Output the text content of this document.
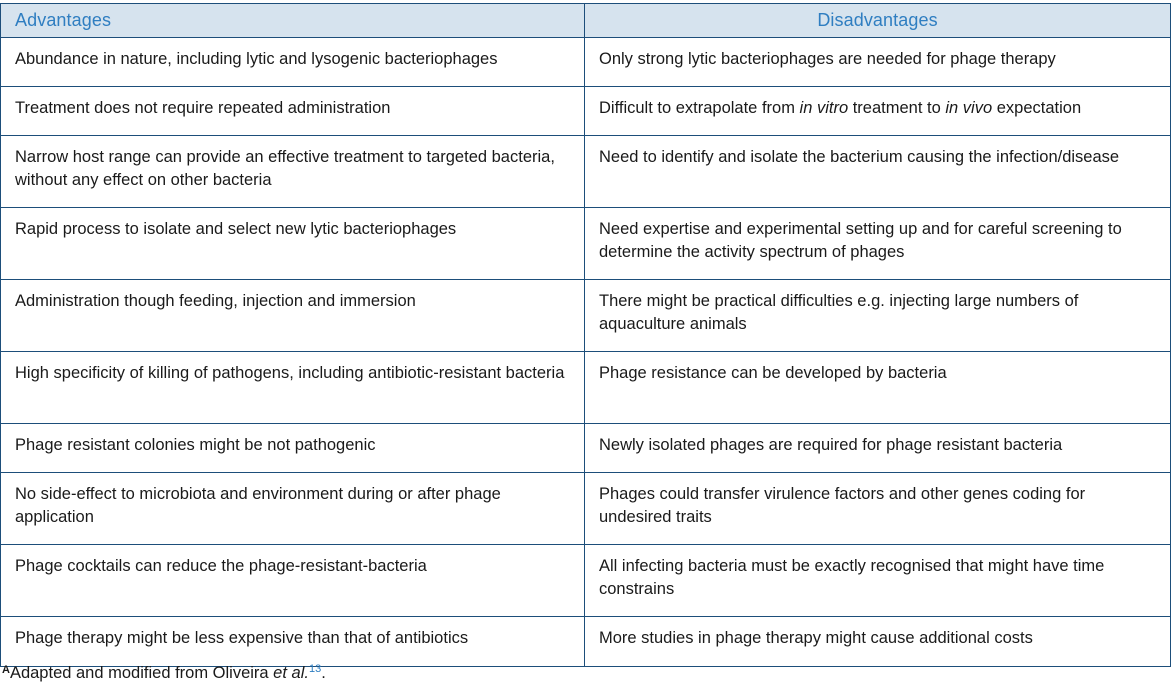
Advantages	Disadvantages
Abundance in nature, including lytic and lysogenic bacteriophages	Only strong lytic bacteriophages are needed for phage therapy
Treatment does not require repeated administration	Difficult to extrapolate from in vitro treatment to in vivo expectation
Narrow host range can provide an effective treatment to targeted bacteria, without any effect on other bacteria	Need to identify and isolate the bacterium causing the infection/disease
Rapid process to isolate and select new lytic bacteriophages	Need expertise and experimental setting up and for careful screening to determine the activity spectrum of phages
Administration though feeding, injection and immersion	There might be practical difficulties e.g. injecting large numbers of aquaculture animals
High specificity of killing of pathogens, including antibiotic-resistant bacteria	Phage resistance can be developed by bacteria
Phage resistant colonies might be not pathogenic	Newly isolated phages are required for phage resistant bacteria
No side-effect to microbiota and environment during or after phage application	Phages could transfer virulence factors and other genes coding for undesired traits
Phage cocktails can reduce the phage-resistant-bacteria	All infecting bacteria must be exactly recognised that might have time constrains
Phage therapy might be less expensive than that of antibiotics	More studies in phage therapy might cause additional costs
$^A$Adapted and modified from Oliveira et al.$^{13}$.
